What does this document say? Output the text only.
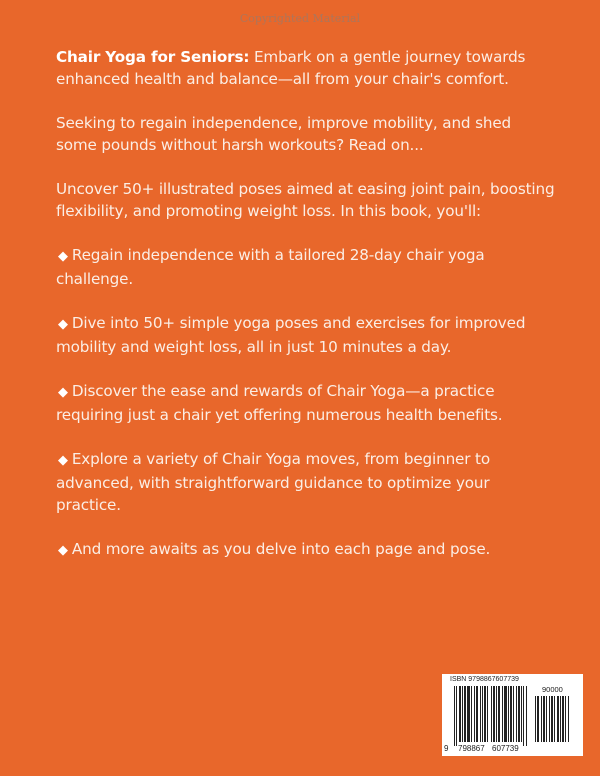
Copyrighted Material

Chair Yoga for Seniors: Embark on a gentle journey towards enhanced health and balance—all from your chair's comfort.

Seeking to regain independence, improve mobility, and shed some pounds without harsh workouts? Read on...

Uncover 50+ illustrated poses aimed at easing joint pain, boosting flexibility, and promoting weight loss. In this book, you'll:

◆ Regain independence with a tailored 28-day chair yoga challenge.

◆ Dive into 50+ simple yoga poses and exercises for improved mobility and weight loss, all in just 10 minutes a day.

◆ Discover the ease and rewards of Chair Yoga—a practice requiring just a chair yet offering numerous health benefits.

◆ Explore a variety of Chair Yoga moves, from beginner to advanced, with straightforward guidance to optimize your practice.

◆ And more awaits as you delve into each page and pose.

ISBN 9798867607739
90000
9 798867 607739
